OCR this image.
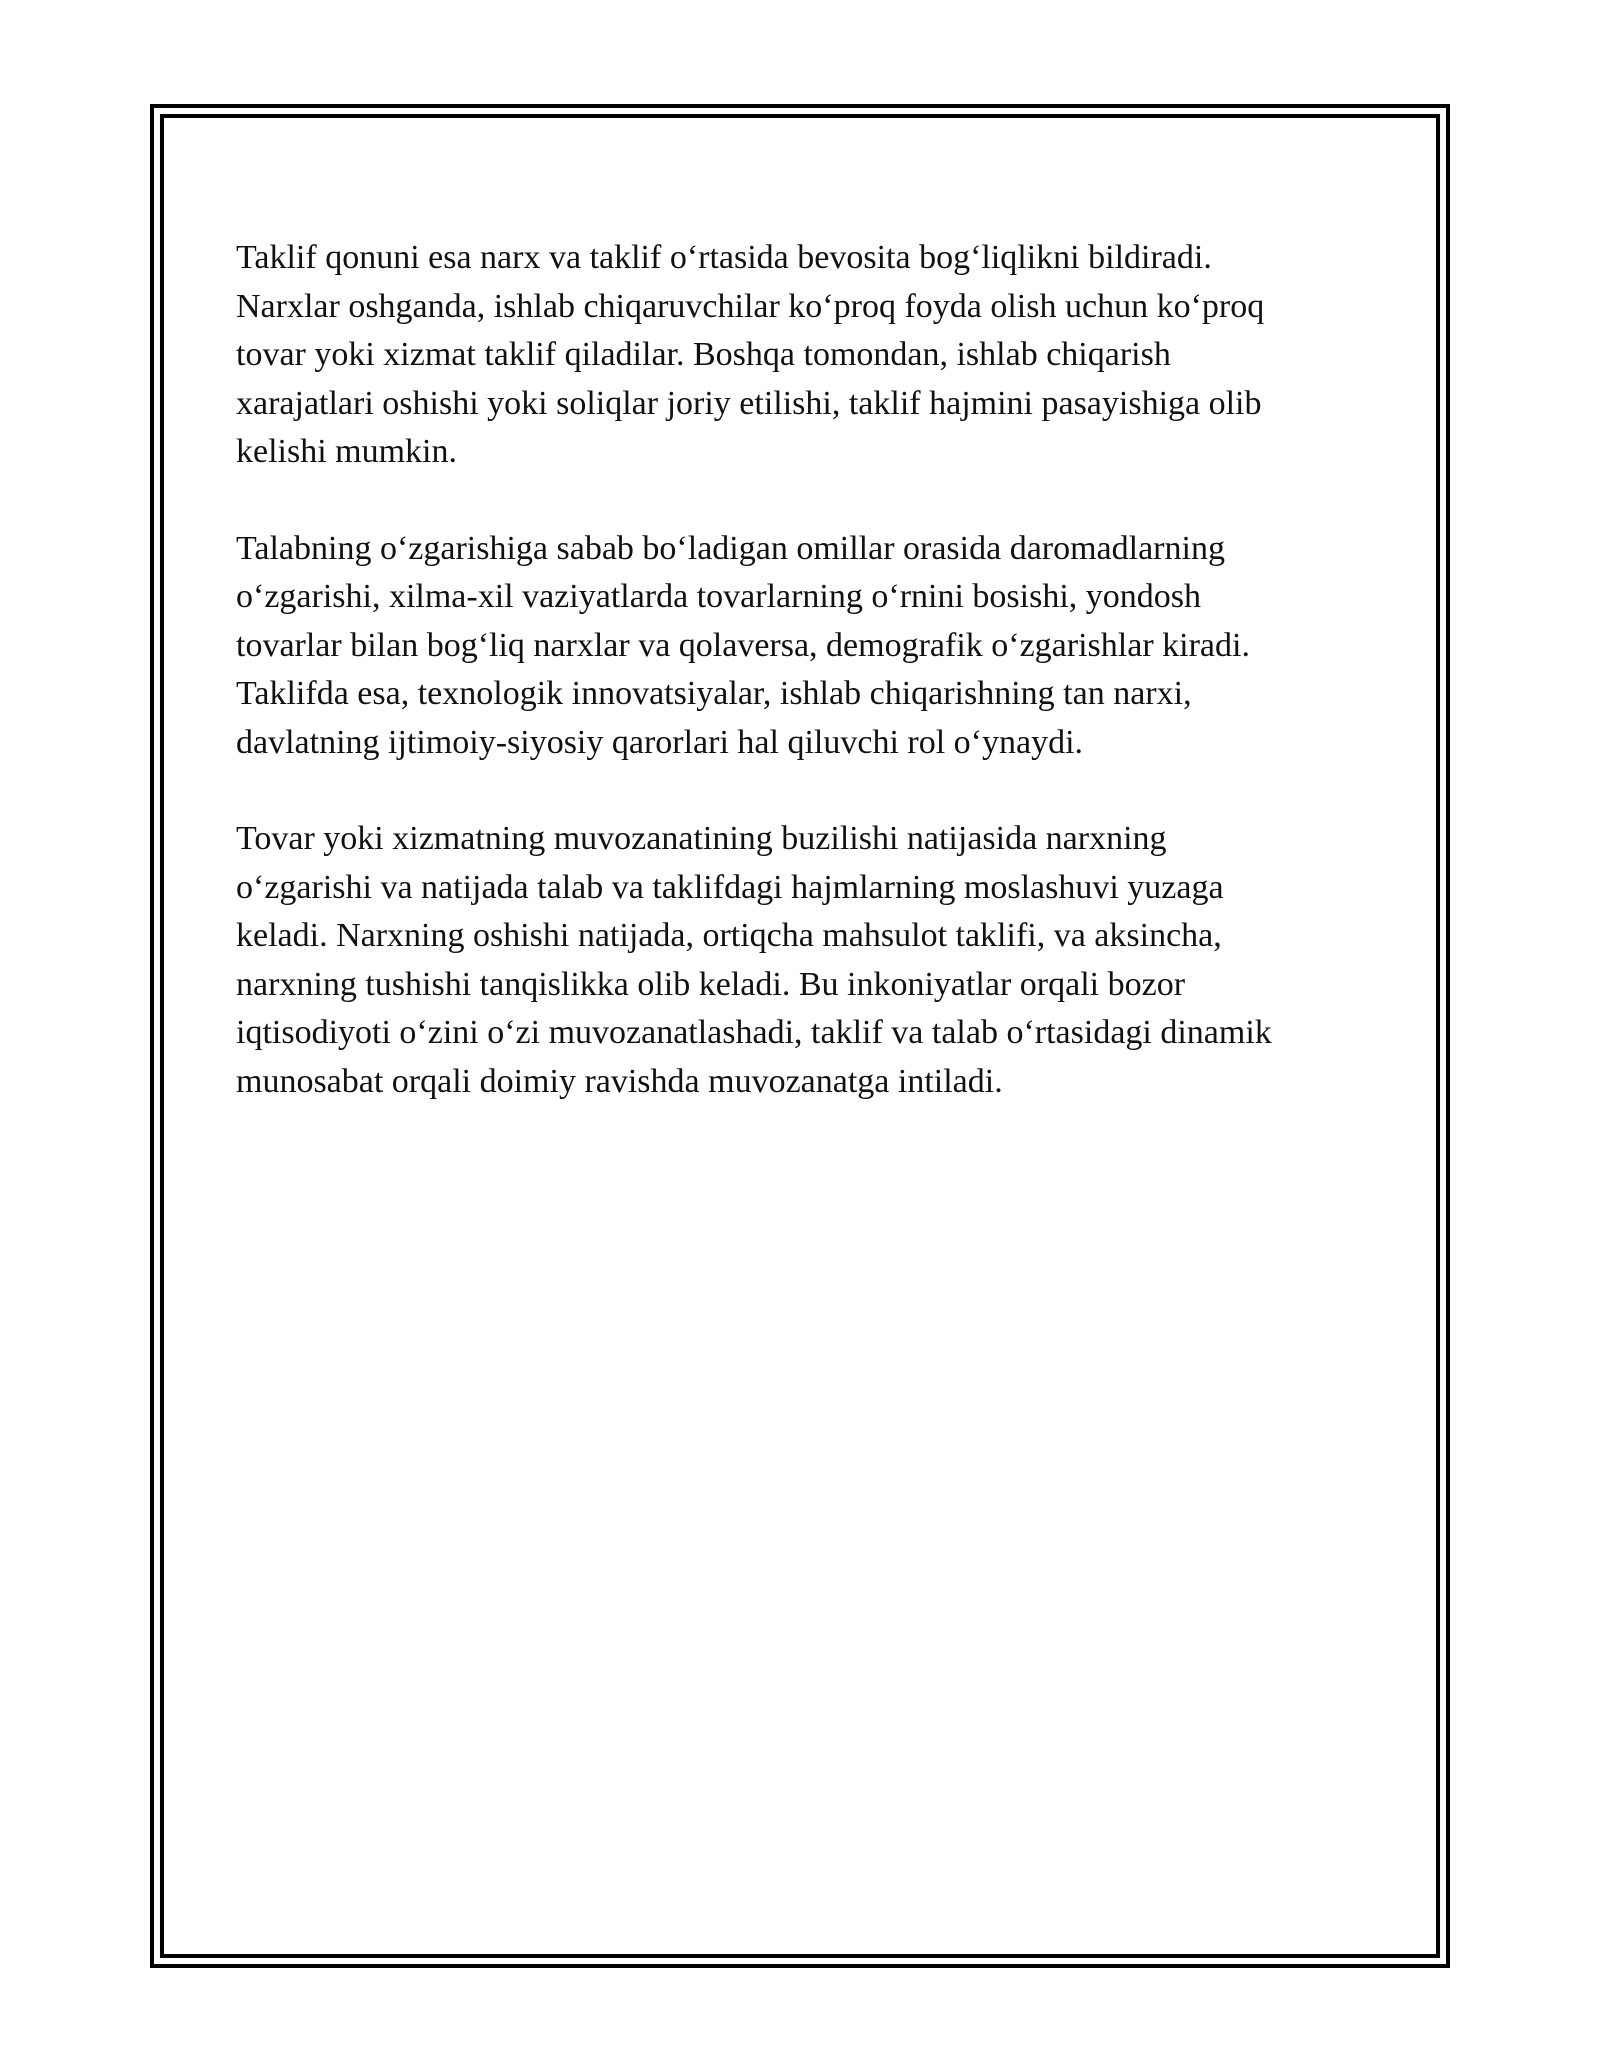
Taklif qonuni esa narx va taklif o‘rtasida bevosita bog‘liqlikni bildiradi.
Narxlar oshganda, ishlab chiqaruvchilar ko‘proq foyda olish uchun ko‘proq
tovar yoki xizmat taklif qiladilar. Boshqa tomondan, ishlab chiqarish
xarajatlari oshishi yoki soliqlar joriy etilishi, taklif hajmini pasayishiga olib
kelishi mumkin.

Talabning o‘zgarishiga sabab bo‘ladigan omillar orasida daromadlarning
o‘zgarishi, xilma-xil vaziyatlarda tovarlarning o‘rnini bosishi, yondosh
tovarlar bilan bog‘liq narxlar va qolaversa, demografik o‘zgarishlar kiradi.
Taklifda esa, texnologik innovatsiyalar, ishlab chiqarishning tan narxi,
davlatning ijtimoiy-siyosiy qarorlari hal qiluvchi rol o‘ynaydi.

Tovar yoki xizmatning muvozanatining buzilishi natijasida narxning
o‘zgarishi va natijada talab va taklifdagi hajmlarning moslashuvi yuzaga
keladi. Narxning oshishi natijada, ortiqcha mahsulot taklifi, va aksincha,
narxning tushishi tanqislikka olib keladi. Bu inkoniyatlar orqali bozor
iqtisodiyoti o‘zini o‘zi muvozanatlashadi, taklif va talab o‘rtasidagi dinamik
munosabat orqali doimiy ravishda muvozanatga intiladi.
